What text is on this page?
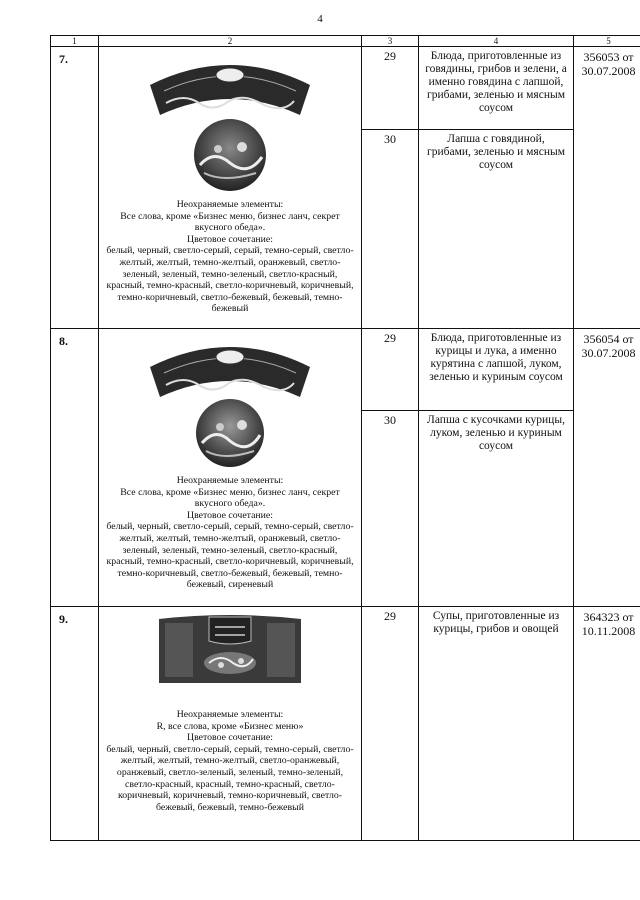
4
1	2	3	4	5
7.	Неохраняемые элементы:
Все слова, кроме «Бизнес меню, бизнес ланч, секрет вкусного обеда».
Цветовое сочетание:
белый, черный, светло-серый, серый, темно-серый, светло-желтый, желтый, темно-желтый, оранжевый, светло-зеленый, зеленый, темно-зеленый, светло-красный, красный, темно-красный, светло-коричневый, коричневый, темно-коричневый, светло-бежевый, бежевый, темно-бежевый	29	Блюда, приготовленные из говядины, грибов и зелени, а именно говядина с лапшой, грибами, зеленью и мясным соусом	356053 от 30.07.2008
		30	Лапша с говядиной, грибами, зеленью и мясным соусом	
8.	Неохраняемые элементы:
Все слова, кроме «Бизнес меню, бизнес ланч, секрет вкусного обеда».
Цветовое сочетание:
белый, черный, светло-серый, серый, темно-серый, светло-желтый, желтый, темно-желтый, оранжевый, светло-зеленый, зеленый, темно-зеленый, светло-красный, красный, темно-красный, светло-коричневый, коричневый, темно-коричневый, светло-бежевый, бежевый, темно-бежевый, сиреневый	29	Блюда, приготовленные из курицы и лука, а именно курятина с лапшой, луком, зеленью и куриным соусом	356054 от 30.07.2008
		30	Лапша с кусочками курицы, луком, зеленью и куриным соусом	
9.	Неохраняемые элементы:
R, все слова, кроме «Бизнес меню»
Цветовое сочетание:
белый, черный, светло-серый, серый, темно-серый, светло-желтый, желтый, темно-желтый, светло-оранжевый, оранжевый, светло-зеленый, зеленый, темно-зеленый, светло-красный, красный, темно-красный, светло-коричневый, коричневый, темно-коричневый, светло-бежевый, бежевый, темно-бежевый	29	Супы, приготовленные из курицы, грибов и овощей	364323 от 10.11.2008
